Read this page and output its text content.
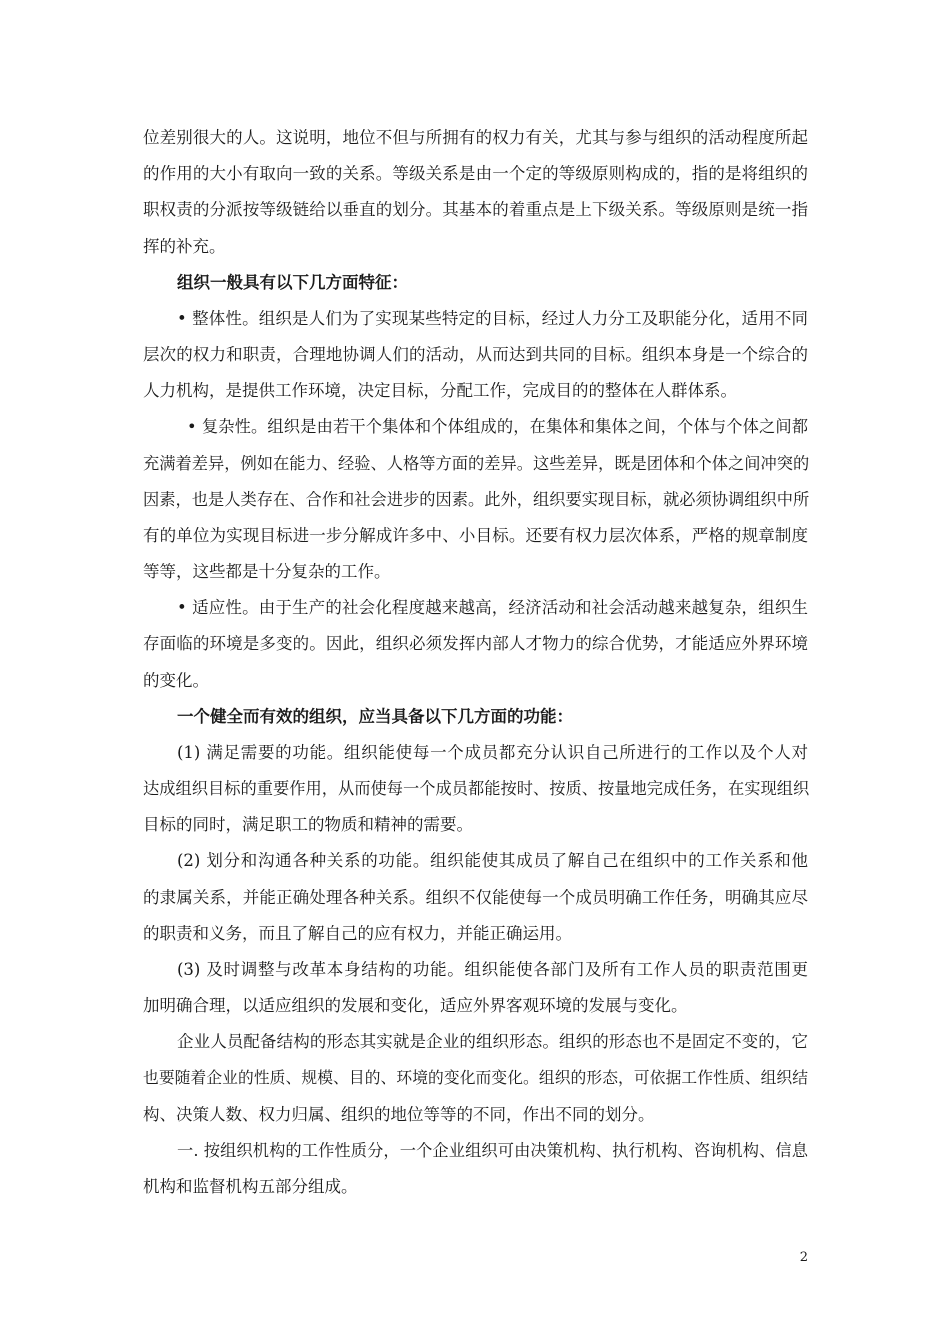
位差别很大的人。这说明，地位不但与所拥有的权力有关，尤其与参与组织的活动程度所起
的作用的大小有取向一致的关系。等级关系是由一个定的等级原则构成的，指的是将组织的
职权责的分派按等级链给以垂直的划分。其基本的着重点是上下级关系。等级原则是统一指
挥的补充。
组织一般具有以下几方面特征：
• 整体性。组织是人们为了实现某些特定的目标，经过人力分工及职能分化，适用不同
层次的权力和职责，合理地协调人们的活动，从而达到共同的目标。组织本身是一个综合的
人力机构，是提供工作环境，决定目标，分配工作，完成目的的整体在人群体系。
• 复杂性。组织是由若干个集体和个体组成的，在集体和集体之间，个体与个体之间都
充满着差异，例如在能力、经验、人格等方面的差异。这些差异，既是团体和个体之间冲突的
因素，也是人类存在、合作和社会进步的因素。此外，组织要实现目标，就必须协调组织中所
有的单位为实现目标进一步分解成许多中、小目标。还要有权力层次体系，严格的规章制度
等等，这些都是十分复杂的工作。
• 适应性。由于生产的社会化程度越来越高，经济活动和社会活动越来越复杂，组织生
存面临的环境是多变的。因此，组织必须发挥内部人才物力的综合优势，才能适应外界环境
的变化。
一个健全而有效的组织，应当具备以下几方面的功能：
(1) 满足需要的功能。组织能使每一个成员都充分认识自己所进行的工作以及个人对
达成组织目标的重要作用，从而使每一个成员都能按时、按质、按量地完成任务，在实现组织
目标的同时，满足职工的物质和精神的需要。
(2) 划分和沟通各种关系的功能。组织能使其成员了解自己在组织中的工作关系和他
的隶属关系，并能正确处理各种关系。组织不仅能使每一个成员明确工作任务，明确其应尽
的职责和义务，而且了解自己的应有权力，并能正确运用。
(3) 及时调整与改革本身结构的功能。组织能使各部门及所有工作人员的职责范围更
加明确合理，以适应组织的发展和变化，适应外界客观环境的发展与变化。
企业人员配备结构的形态其实就是企业的组织形态。组织的形态也不是固定不变的，它
也要随着企业的性质、规模、目的、环境的变化而变化。组织的形态，可依据工作性质、组织结
构、决策人数、权力归属、组织的地位等等的不同，作出不同的划分。
一. 按组织机构的工作性质分，一个企业组织可由决策机构、执行机构、咨询机构、信息
机构和监督机构五部分组成。
2
